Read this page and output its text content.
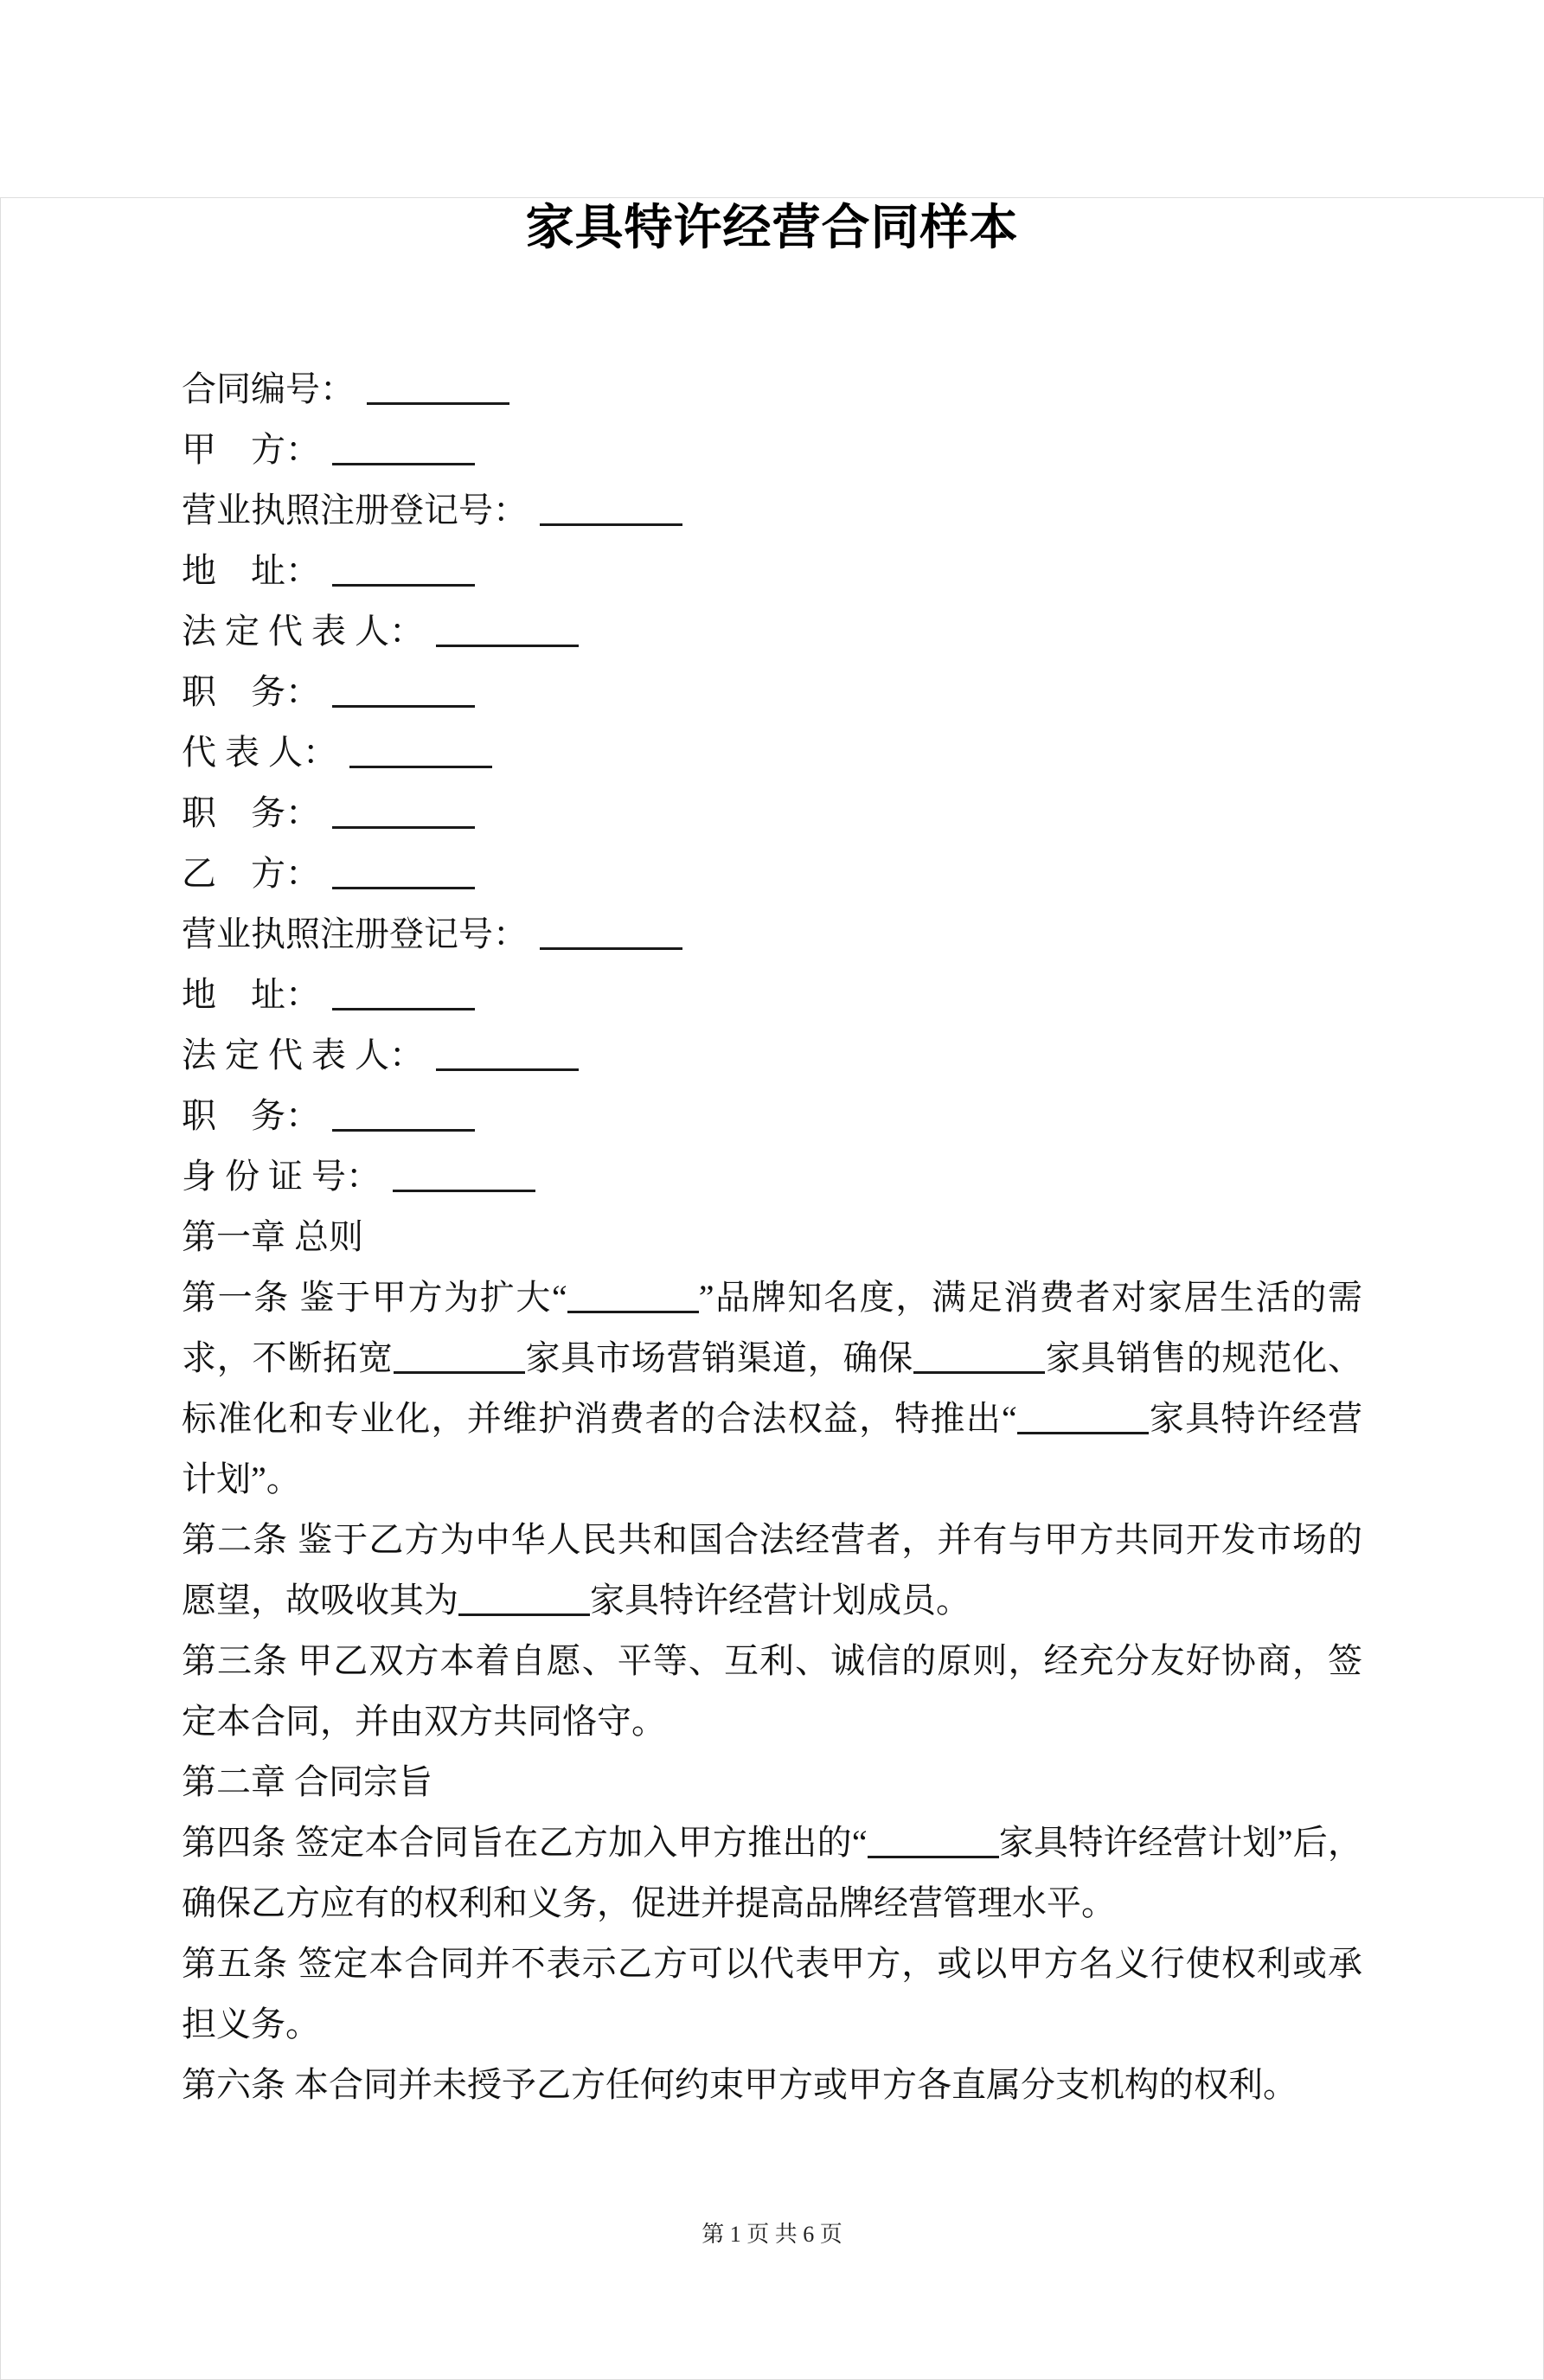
家具特许经营合同样本
合同编号：
甲　方：
营业执照注册登记号：
地　址：
法 定 代 表 人：
职　务：
代 表 人：
职　务：
乙　方：
营业执照注册登记号：
地　址：
法 定 代 表 人：
职　务：
身 份 证 号：
第一章 总则

第一条 鉴于甲方为扩大“	”品牌知名度，满足消费者对家居生活的需求，不断拓宽	家具市场营销渠道，确保	家具销售的规范化、标准化和专业化，并维护消费者的合法权益，特推出“	家具特许经营计划”。

第二条 鉴于乙方为中华人民共和国合法经营者，并有与甲方共同开发市场的愿望，故吸收其为	家具特许经营计划成员。

第三条 甲乙双方本着自愿、平等、互利、诚信的原则，经充分友好协商，签定本合同，并由双方共同恪守。

第二章 合同宗旨

第四条 签定本合同旨在乙方加入甲方推出的“	家具特许经营计划”后，确保乙方应有的权利和义务，促进并提高品牌经营管理水平。

第五条 签定本合同并不表示乙方可以代表甲方，或以甲方名义行使权利或承担义务。

第六条 本合同并未授予乙方任何约束甲方或甲方各直属分支机构的权利。

第 1 页 共 6 页
